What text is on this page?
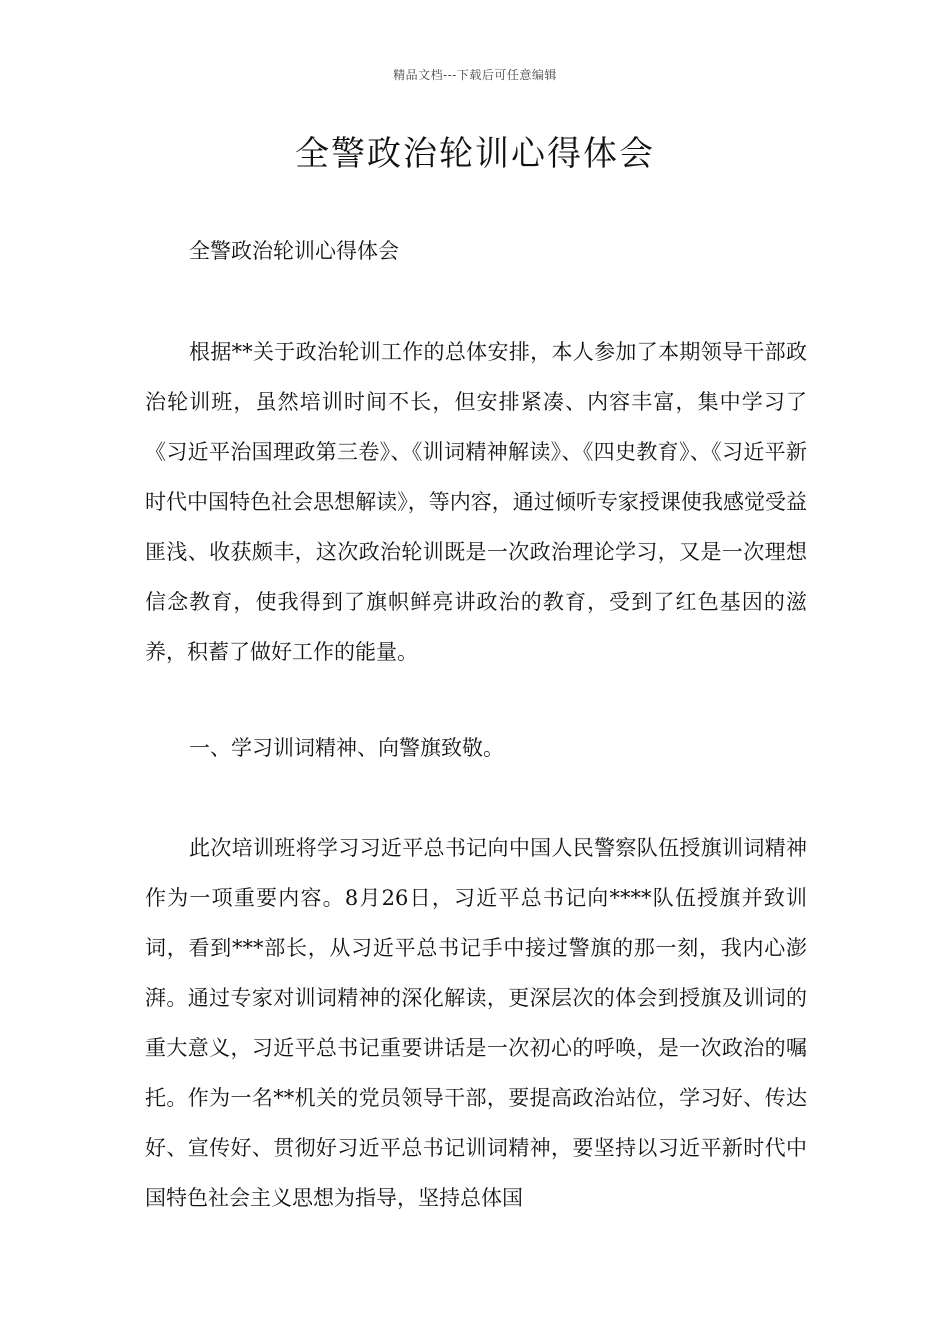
精品文档---下载后可任意编辑
全警政治轮训心得体会

全警政治轮训心得体会

根据**关于政治轮训工作的总体安排，本人参加了本期领导干部政治轮训班，虽然培训时间不长，但安排紧凑、内容丰富，集中学习了《习近平治国理政第三卷》、《训词精神解读》、《四史教育》、《习近平新时代中国特色社会思想解读》，等内容，通过倾听专家授课使我感觉受益匪浅、收获颇丰，这次政治轮训既是一次政治理论学习，又是一次理想信念教育，使我得到了旗帜鲜亮讲政治的教育，受到了红色基因的滋养，积蓄了做好工作的能量。

一、学习训词精神、向警旗致敬。

此次培训班将学习习近平总书记向中国人民警察队伍授旗训词精神作为一项重要内容。8月26日，习近平总书记向****队伍授旗并致训词，看到***部长，从习近平总书记手中接过警旗的那一刻，我内心澎湃。通过专家对训词精神的深化解读，更深层次的体会到授旗及训词的重大意义，习近平总书记重要讲话是一次初心的呼唤，是一次政治的嘱托。作为一名**机关的党员领导干部，要提高政治站位，学习好、传达好、宣传好、贯彻好习近平总书记训词精神，要坚持以习近平新时代中国特色社会主义思想为指导，坚持总体国
